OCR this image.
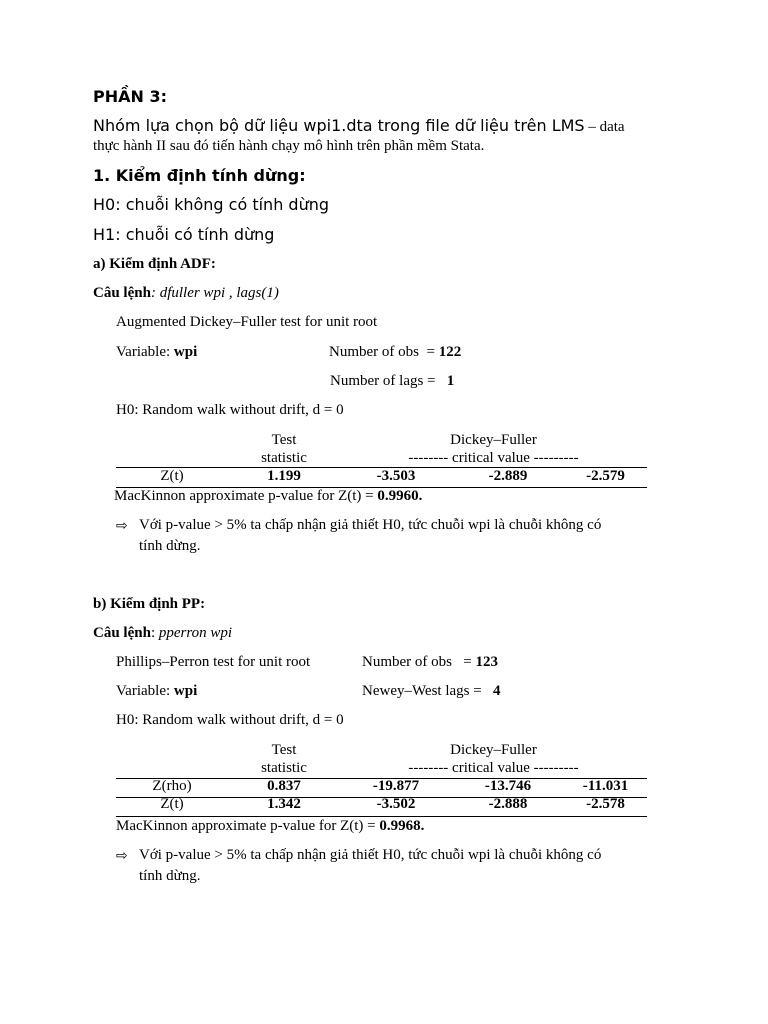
PHẦN 3:
Nhóm lựa chọn bộ dữ liệu wpi1.dta trong file dữ liệu trên LMS – data
thực hành II sau đó tiến hành chạy mô hình trên phần mềm Stata.
1. Kiểm định tính dừng:
H0: chuỗi không có tính dừng
H1: chuỗi có tính dừng
a) Kiểm định ADF:
Câu lệnh: dfuller wpi , lags(1)
Augmented Dickey–Fuller test for unit root
Variable: wpi	Number of obs  = 122
Number of lags =   1
H0: Random walk without drift, d = 0
	Test	Dickey–Fuller		
	statistic	-------- critical value ---------		
Z(t)	1.199	-3.503	-2.889	-2.579
MacKinnon approximate p-value for Z(t) = 0.9960.
⇨ Với p-value > 5% ta chấp nhận giả thiết H0, tức chuỗi wpi là chuỗi không có
tính dừng.
b) Kiểm định PP:
Câu lệnh: pperron wpi
Phillips–Perron test for unit root	Number of obs   = 123
Variable: wpi	Newey–West lags =   4
H0: Random walk without drift, d = 0
	Test	Dickey–Fuller		
	statistic	-------- critical value ---------		
Z(rho)	0.837	-19.877	-13.746	-11.031
Z(t)	1.342	-3.502	-2.888	-2.578
MacKinnon approximate p-value for Z(t) = 0.9968.
⇨ Với p-value > 5% ta chấp nhận giả thiết H0, tức chuỗi wpi là chuỗi không có
tính dừng.
